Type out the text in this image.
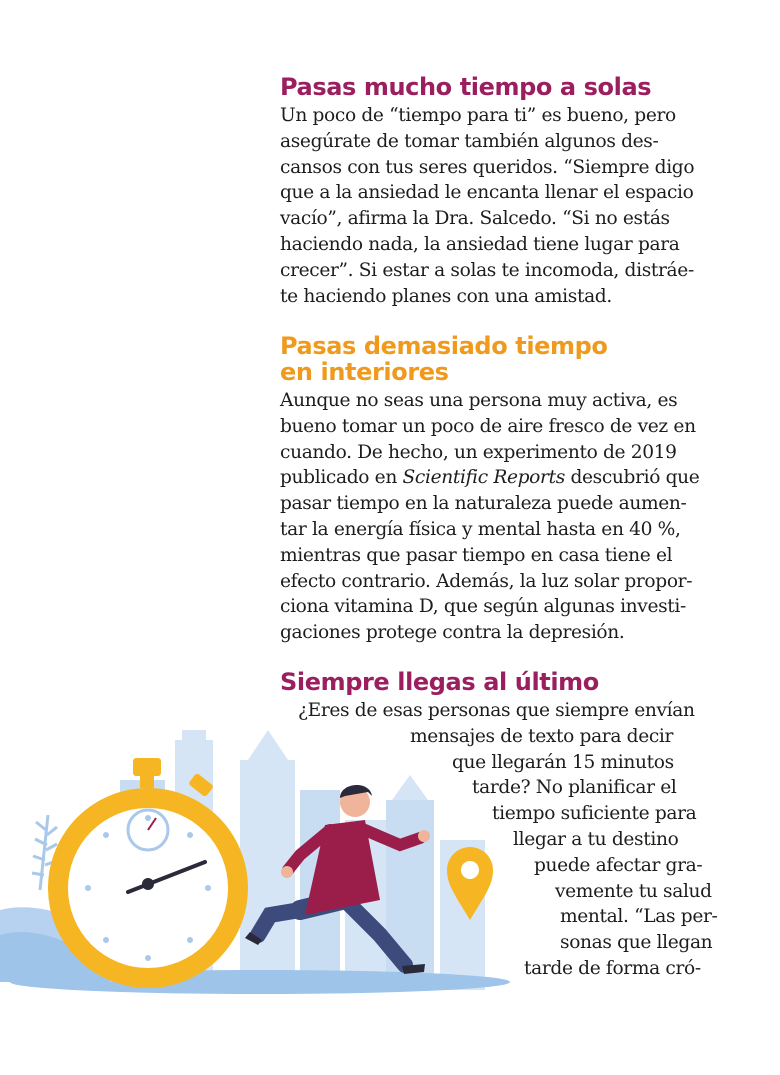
Pasas mucho tiempo a solas

Un poco de “tiempo para ti” es bueno, pero
asegúrate de tomar también algunos des-
cansos con tus seres queridos. “Siempre digo
que a la ansiedad le encanta llenar el espacio
vacío”, afirma la Dra. Salcedo. “Si no estás
haciendo nada, la ansiedad tiene lugar para
crecer”. Si estar a solas te incomoda, distráe-
te haciendo planes con una amistad.

Pasas demasiado tiempo
en interiores

Aunque no seas una persona muy activa, es
bueno tomar un poco de aire fresco de vez en
cuando. De hecho, un experimento de 2019
publicado en Scientific Reports descubrió que
pasar tiempo en la naturaleza puede aumen-
tar la energía física y mental hasta en 40 %,
mientras que pasar tiempo en casa tiene el
efecto contrario. Además, la luz solar propor-
ciona vitamina D, que según algunas investi-
gaciones protege contra la depresión.

Siempre llegas al último

¿Eres de esas personas que siempre envían
mensajes de texto para decir
que llegarán 15 minutos
tarde? No planificar el
tiempo suficiente para
llegar a tu destino
puede afectar gra-
vemente tu salud
mental. “Las per-
sonas que llegan
tarde de forma cró-
